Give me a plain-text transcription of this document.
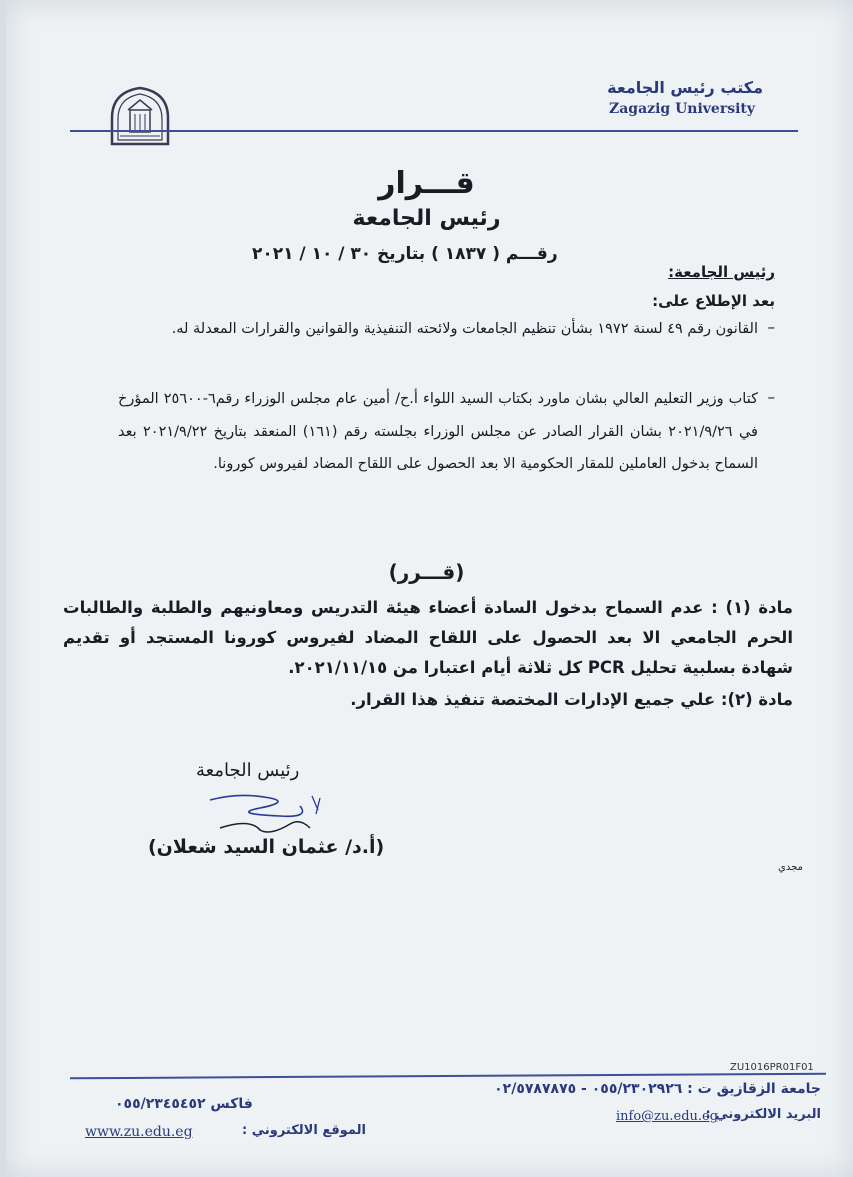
مكتب رئيس الجامعة
Zagazig University
قـــرار
رئيس الجامعة
رقـــم ( ١٨٣٧ ) بتاريخ ٣٠ / ١٠ / ٢٠٢١
رئيس الجامعة:
بعد الإطلاع على:
–
القانون رقم ٤٩ لسنة ١٩٧٢ بشأن تنظيم الجامعات ولائحته التنفيذية والقوانين والقرارات المعدلة له.
–
كتاب وزير التعليم العالي بشان ماورد بكتاب السيد اللواء أ.ح/ أمين عام مجلس الوزراء رقم٦-٢٥٦٠٠ المؤرخ في ٢٠٢١/٩/٢٦ بشان القرار الصادر عن مجلس الوزراء بجلسته رقم (١٦١) المنعقد بتاريخ ٢٠٢١/٩/٢٢ بعد السماح بدخول العاملين للمقار الحكومية الا بعد الحصول على اللقاح المضاد لفيروس كورونا.
(قـــرر)
مادة (١) : عدم السماح بدخول السادة أعضاء هيئة التدريس ومعاونيهم والطلبة والطالبات الحرم الجامعي الا بعد الحصول على اللقاح المضاد لفيروس كورونا المستجد أو تقديم شهادة بسلبية تحليل PCR كل ثلاثة أيام اعتبارا من ٢٠٢١/١١/١٥.
مادة (٢): علي جميع الإدارات المختصة تنفيذ هذا القرار.
رئيس الجامعة
(أ.د/ عثمان السيد شعلان)
مجدي
ZU1016PR01F01
جامعة الزقازيق ت : ٠٥٥/٢٣٠٢٩٢٦ - ٠٢/٥٧٨٧٨٧٥
البريد الالكتروني :
info@zu.edu.eg
فاكس ٠٥٥/٢٣٤٥٤٥٢
الموقع الالكتروني :
www.zu.edu.eg
